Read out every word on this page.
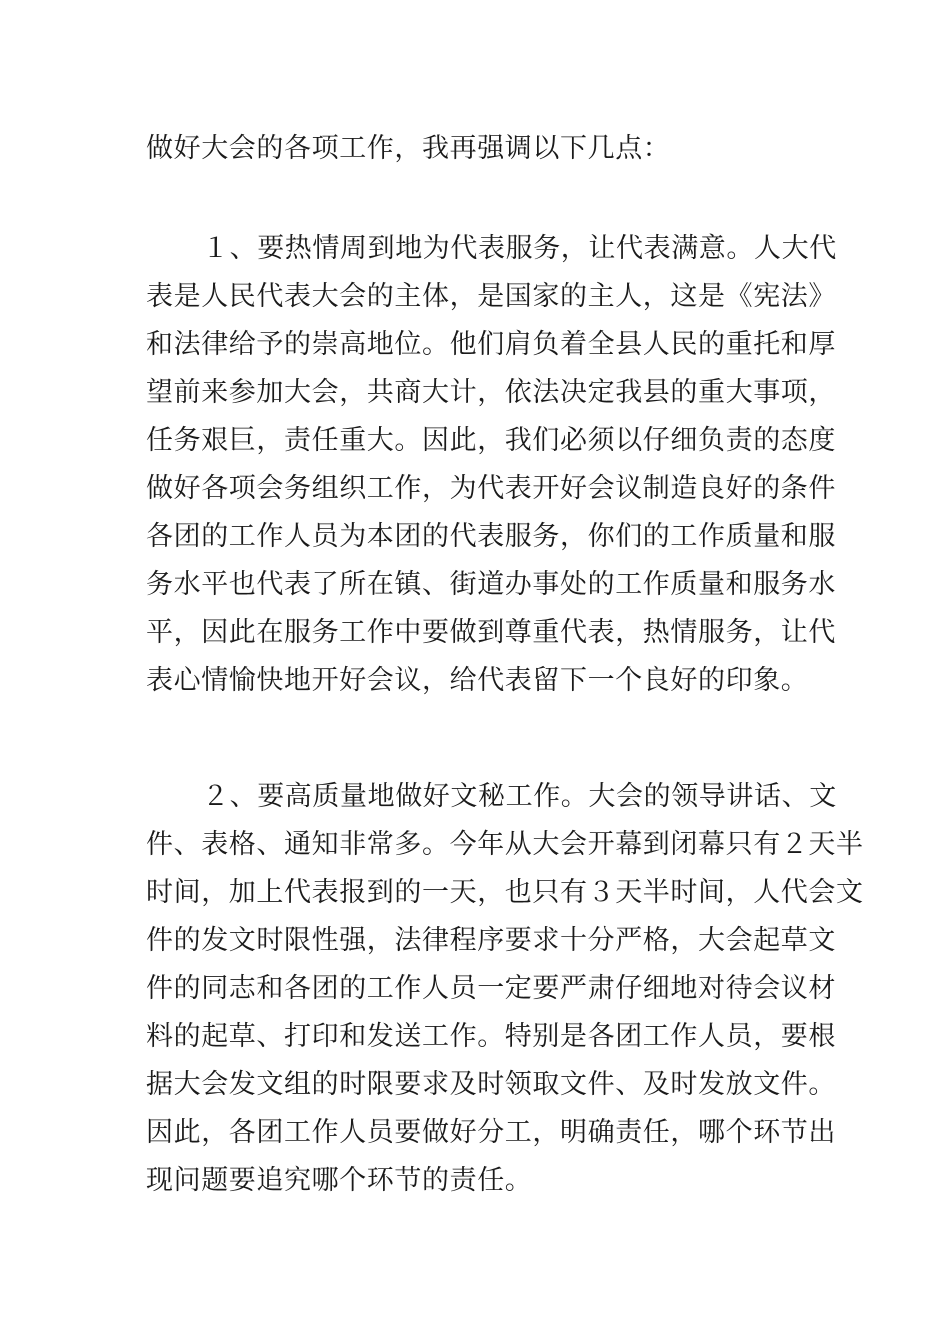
做好大会的各项工作，我再强调以下几点：
１、要热情周到地为代表服务，让代表满意。人大代
表是人民代表大会的主体，是国家的主人，这是《宪法》
和法律给予的崇高地位。他们肩负着全县人民的重托和厚
望前来参加大会，共商大计，依法决定我县的重大事项，
任务艰巨，责任重大。因此，我们必须以仔细负责的态度
做好各项会务组织工作，为代表开好会议制造良好的条件
各团的工作人员为本团的代表服务，你们的工作质量和服
务水平也代表了所在镇、街道办事处的工作质量和服务水
平，因此在服务工作中要做到尊重代表，热情服务，让代
表心情愉快地开好会议，给代表留下一个良好的印象。
２、要高质量地做好文秘工作。大会的领导讲话、文
件、表格、通知非常多。今年从大会开幕到闭幕只有２天半
时间，加上代表报到的一天，也只有３天半时间，人代会文
件的发文时限性强，法律程序要求十分严格，大会起草文
件的同志和各团的工作人员一定要严肃仔细地对待会议材
料的起草、打印和发送工作。特别是各团工作人员，要根
据大会发文组的时限要求及时领取文件、及时发放文件。
因此，各团工作人员要做好分工，明确责任，哪个环节出
现问题要追究哪个环节的责任。
